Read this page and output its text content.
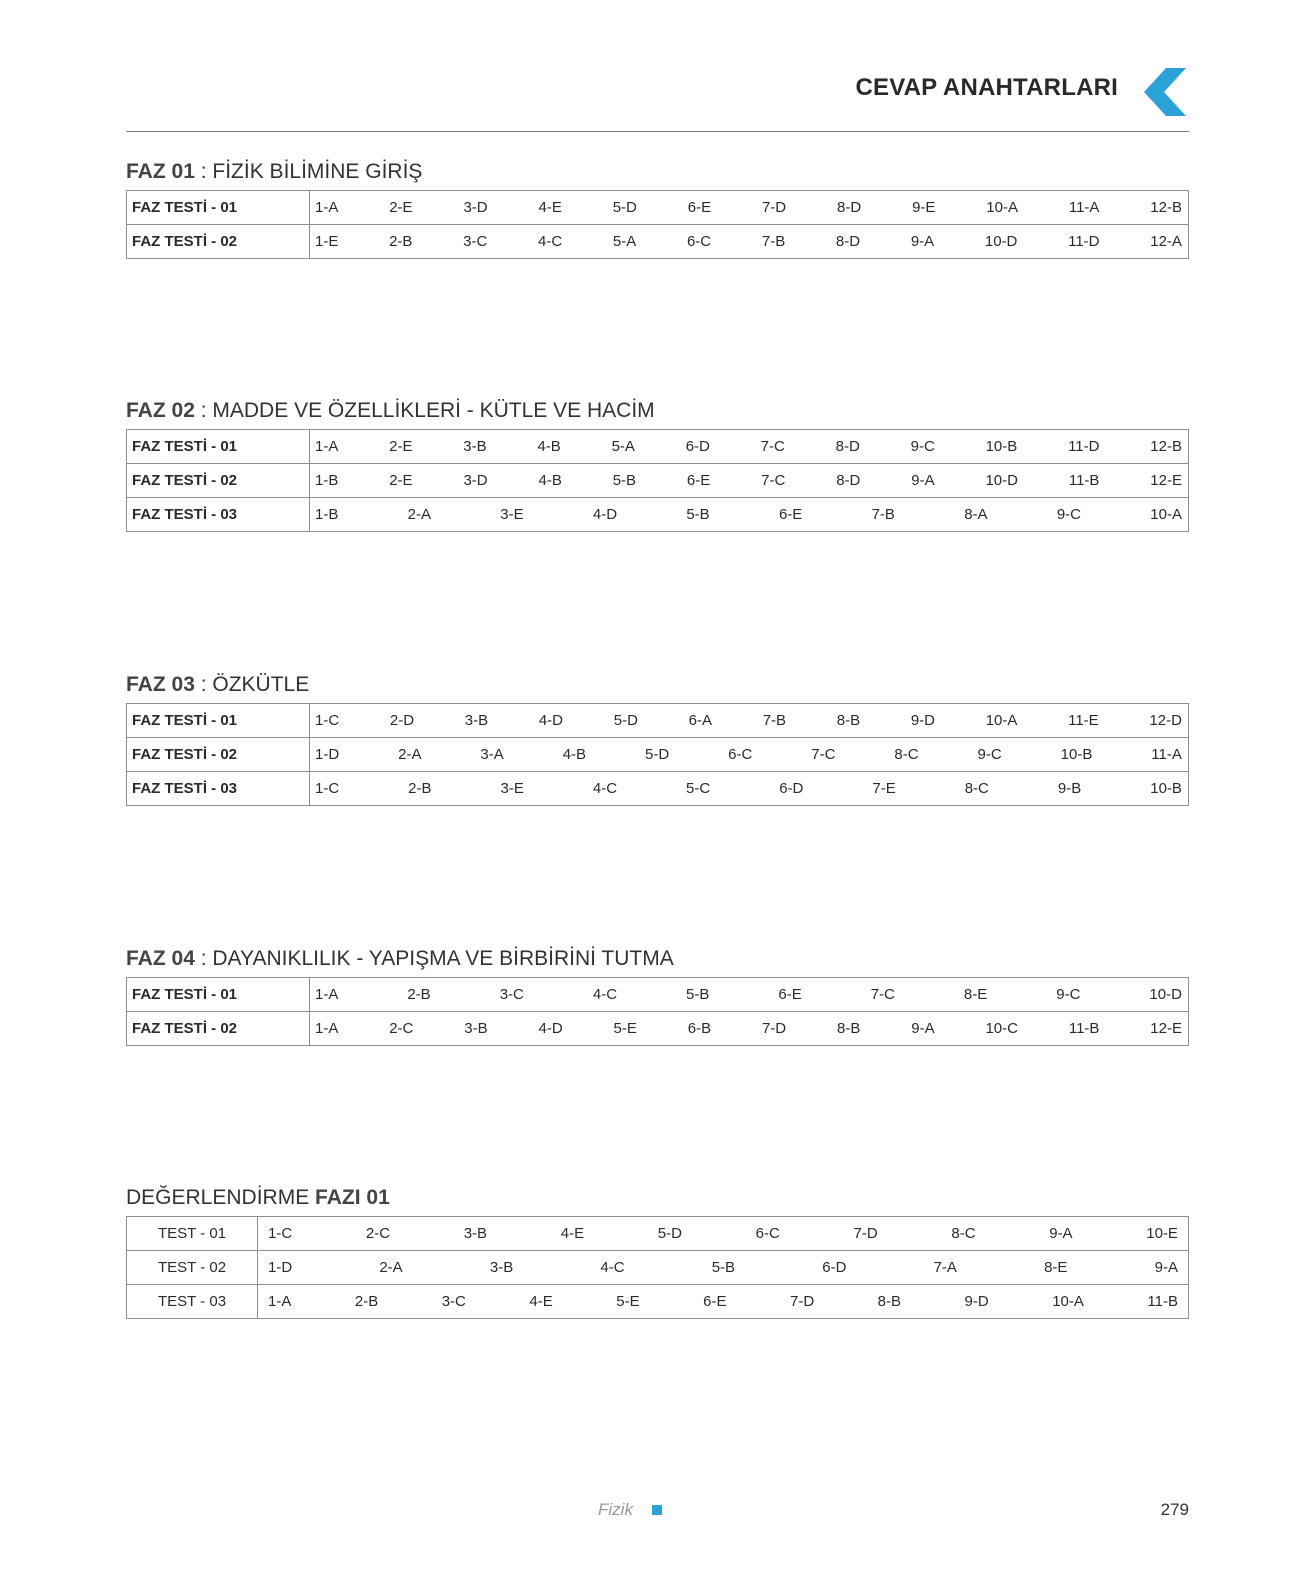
CEVAP ANAHTARLARI
FAZ 01 : FİZİK BİLİMİNE GİRİŞ
FAZ TESTİ - 01	1-A	2-E	3-D	4-E	5-D	6-E	7-D	8-D	9-E	10-A	11-A	12-B
FAZ TESTİ - 02	1-E	2-B	3-C	4-C	5-A	6-C	7-B	8-D	9-A	10-D	11-D	12-A
FAZ 02 : MADDE VE ÖZELLİKLERİ - KÜTLE VE HACİM
FAZ TESTİ - 01	1-A	2-E	3-B	4-B	5-A	6-D	7-C	8-D	9-C	10-B	11-D	12-B
FAZ TESTİ - 02	1-B	2-E	3-D	4-B	5-B	6-E	7-C	8-D	9-A	10-D	11-B	12-E
FAZ TESTİ - 03	1-B	2-A	3-E	4-D	5-B	6-E	7-B	8-A	9-C	10-A
FAZ 03 : ÖZKÜTLE
FAZ TESTİ - 01	1-C	2-D	3-B	4-D	5-D	6-A	7-B	8-B	9-D	10-A	11-E	12-D
FAZ TESTİ - 02	1-D	2-A	3-A	4-B	5-D	6-C	7-C	8-C	9-C	10-B	11-A
FAZ TESTİ - 03	1-C	2-B	3-E	4-C	5-C	6-D	7-E	8-C	9-B	10-B
FAZ 04 : DAYANIKLILIK - YAPIŞMA VE BİRBİRİNİ TUTMA
FAZ TESTİ - 01	1-A	2-B	3-C	4-C	5-B	6-E	7-C	8-E	9-C	10-D
FAZ TESTİ - 02	1-A	2-C	3-B	4-D	5-E	6-B	7-D	8-B	9-A	10-C	11-B	12-E
DEĞERLENDİRME FAZI 01
TEST - 01	1-C	2-C	3-B	4-E	5-D	6-C	7-D	8-C	9-A	10-E
TEST - 02	1-D	2-A	3-B	4-C	5-B	6-D	7-A	8-E	9-A
TEST - 03	1-A	2-B	3-C	4-E	5-E	6-E	7-D	8-B	9-D	10-A	11-B
Fizik	279
